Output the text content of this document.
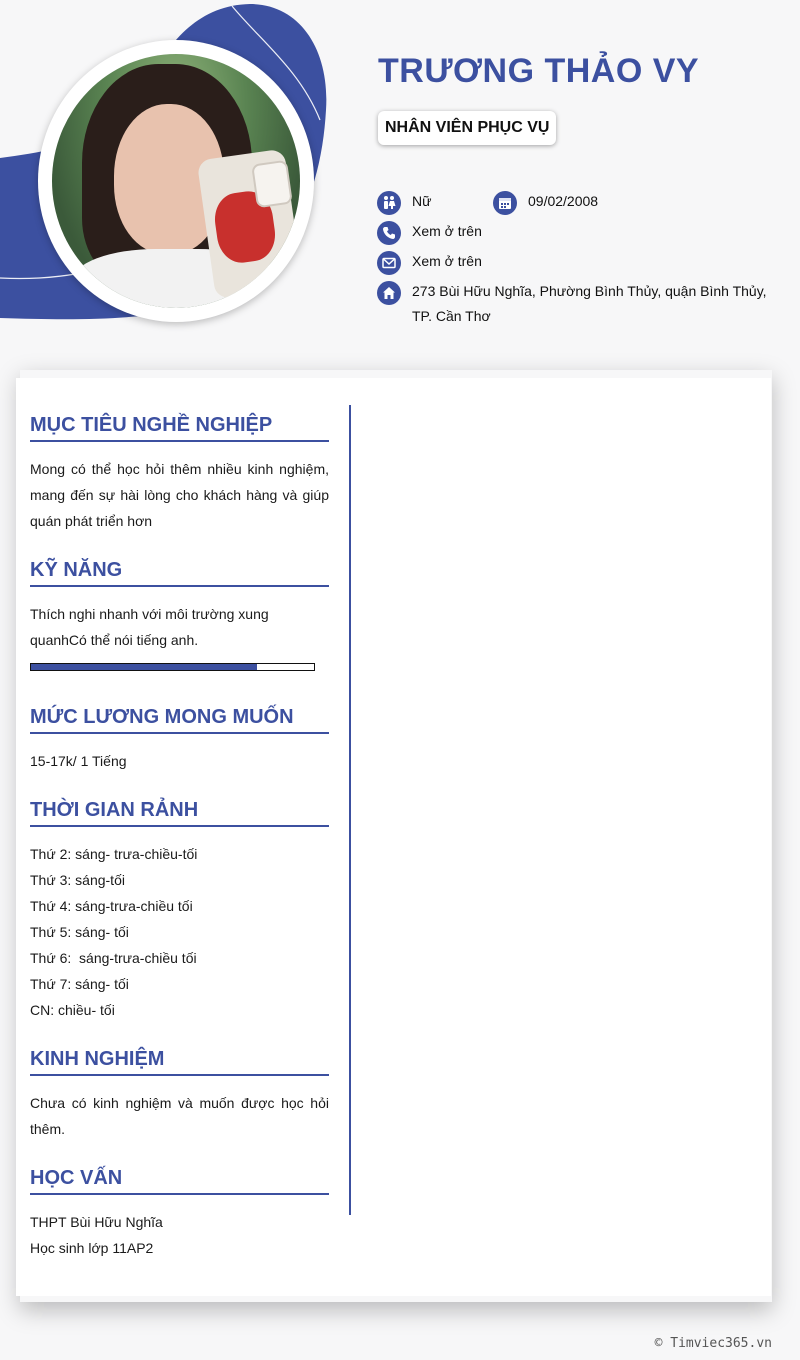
TRƯƠNG THẢO VY
NHÂN VIÊN PHỤC VỤ
Nữ	09/02/2008
Xem ở trên
Xem ở trên
273 Bùi Hữu Nghĩa, Phường Bình Thủy, quận Bình Thủy, TP. Cần Thơ
MỤC TIÊU NGHỀ NGHIỆP
Mong có thể học hỏi thêm nhiều kinh nghiệm, mang đến sự hài lòng cho khách hàng và giúp quán phát triển hơn
KỸ NĂNG
Thích nghi nhanh với môi trường xung quanhCó thể nói tiếng anh.
MỨC LƯƠNG MONG MUỐN
15-17k/ 1 Tiếng
THỜI GIAN RẢNH
Thứ 2: sáng- trưa-chiều-tối
Thứ 3: sáng-tối
Thứ 4: sáng-trưa-chiều tối
Thứ 5: sáng- tối
Thứ 6:  sáng-trưa-chiều tối
Thứ 7: sáng- tối
CN: chiều- tối
KINH NGHIỆM
Chưa có kinh nghiệm và muốn được học hỏi thêm.
HỌC VẤN
THPT Bùi Hữu Nghĩa
Học sinh lớp 11AP2
© Timviec365.vn
